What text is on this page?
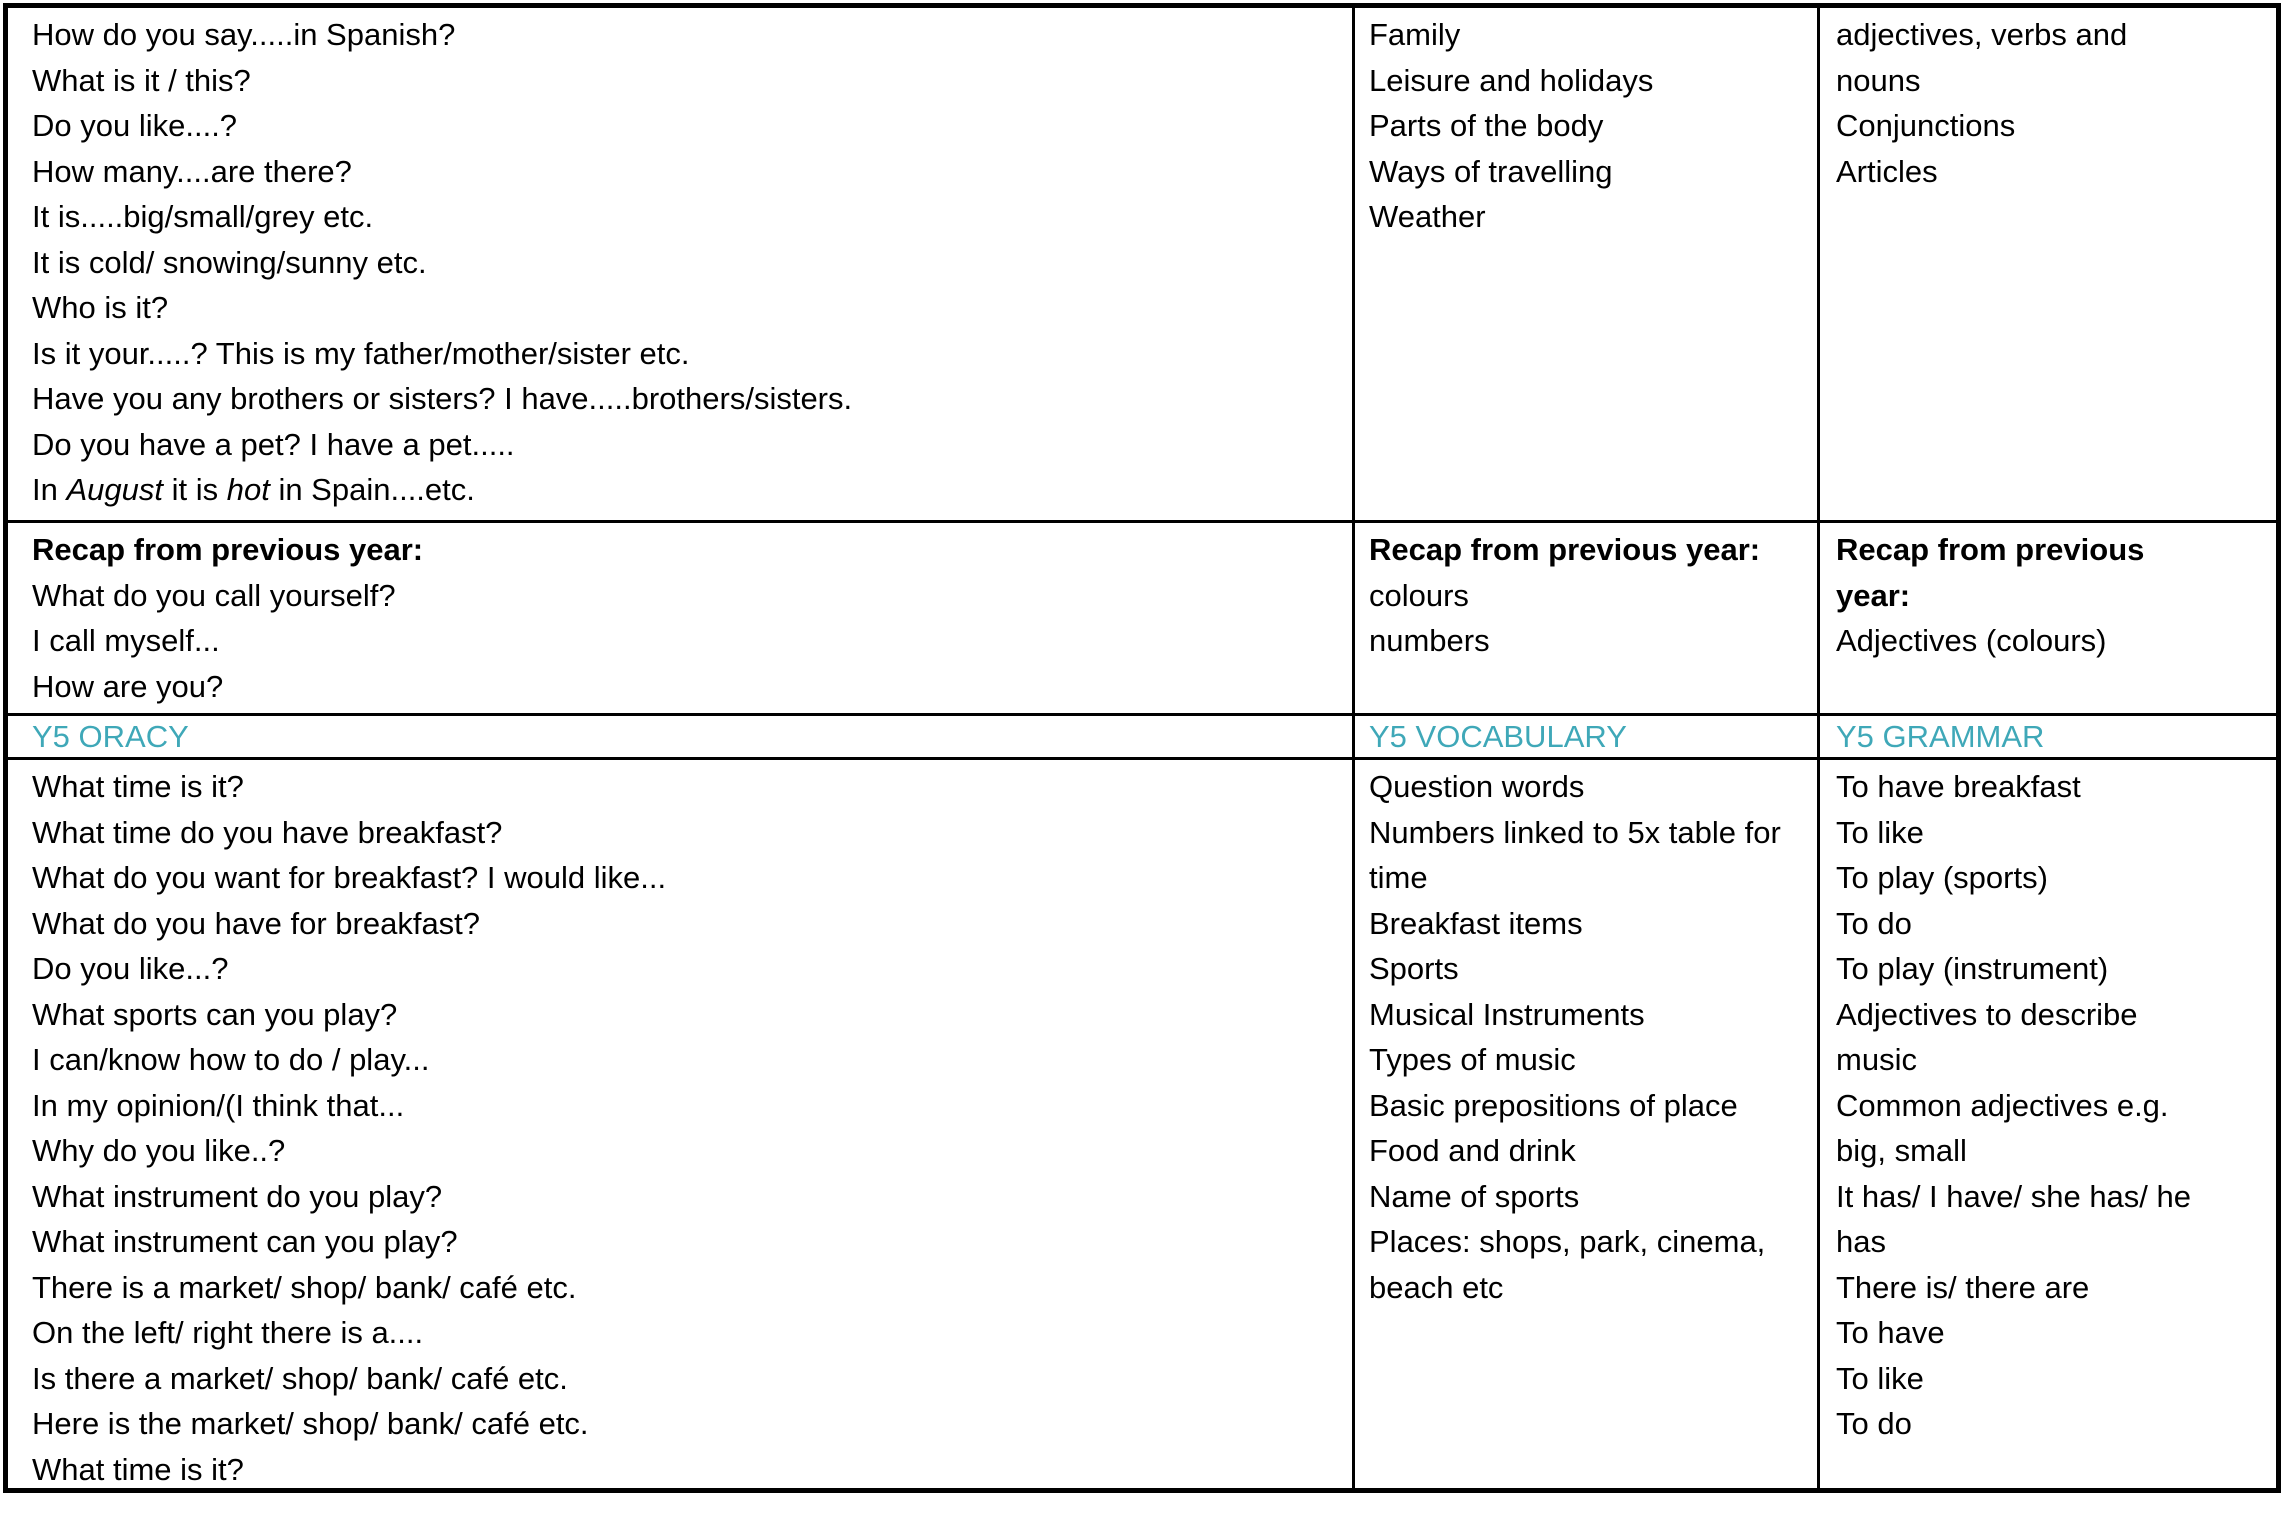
How do you say.....in Spanish?

What is it / this?

Do you like....?

How many....are there?

It is.....big/small/grey etc.

It is cold/ snowing/sunny etc.

Who is it?

Is it your.....? This is my father/mother/sister etc.

Have you any brothers or sisters? I have.....brothers/sisters.

Do you have a pet? I have a pet.....

In August it is hot in Spain....etc.

Family

Leisure and holidays

Parts of the body

Ways of travelling

Weather

adjectives, verbs and nouns

Conjunctions

Articles

Recap from previous year:

What do you call yourself?

I call myself...

How are you?

Recap from previous year:

colours

numbers

Recap from previous year:

Adjectives (colours)

Y5 ORACY	Y5 VOCABULARY	Y5 GRAMMAR

What time is it?

What time do you have breakfast?

What do you want for breakfast? I would like...

What do you have for breakfast?

Do you like...?

What sports can you play?

I can/know how to do / play...

In my opinion/(I think that...

Why do you like..?

What instrument do you play?

What instrument can you play?

There is a market/ shop/ bank/ café etc.

On the left/ right there is a....

Is there a market/ shop/ bank/ café etc.

Here is the market/ shop/ bank/ café etc.

What time is it?

Question words

Numbers linked to 5x table for time

Breakfast items

Sports

Musical Instruments

Types of music

Basic prepositions of place

Food and drink

Name of sports

Places: shops, park, cinema, beach etc

To have breakfast

To like

To play (sports)

To do

To play (instrument)

Adjectives to describe music

Common adjectives e.g. big, small

It has/ I have/ she has/ he has

There is/ there are

To have

To like

To do
